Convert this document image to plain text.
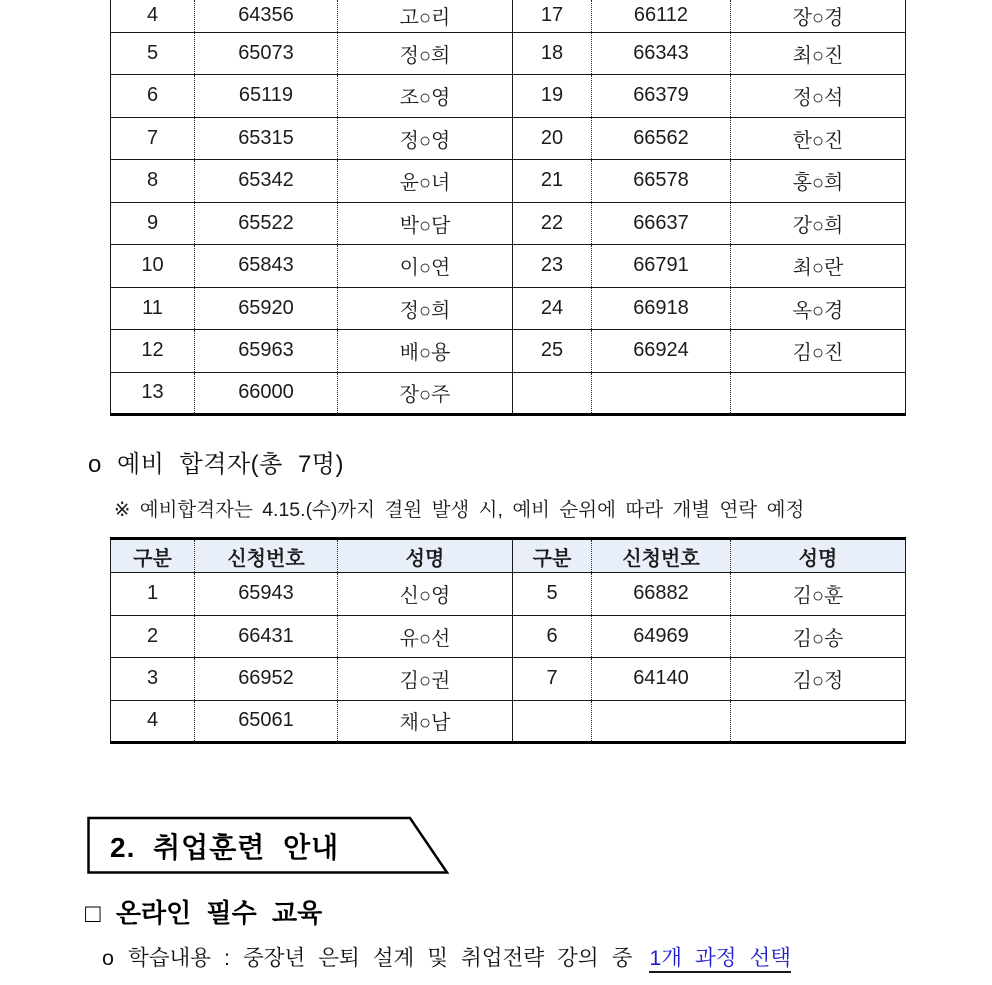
4	64356	고○리	17	66112	장○경
5	65073	정○희	18	66343	최○진
6	65119	조○영	19	66379	정○석
7	65315	정○영	20	66562	한○진
8	65342	윤○녀	21	66578	홍○희
9	65522	박○담	22	66637	강○희
10	65843	이○연	23	66791	최○란
11	65920	정○희	24	66918	옥○경
12	65963	배○용	25	66924	김○진
13	66000	장○주			
o 예비 합격자(총 7명)
※ 예비합격자는 4.15.(수)까지 결원 발생 시, 예비 순위에 따라 개별 연락 예정
구분	신청번호	성명	구분	신청번호	성명
1	65943	신○영	5	66882	김○훈
2	66431	유○선	6	64969	김○송
3	66952	김○권	7	64140	김○정
4	65061	채○남			
2. 취업훈련 안내
□ 온라인 필수 교육
o 학습내용 : 중장년 은퇴 설계 및 취업전략 강의 중 1개 과정 선택
